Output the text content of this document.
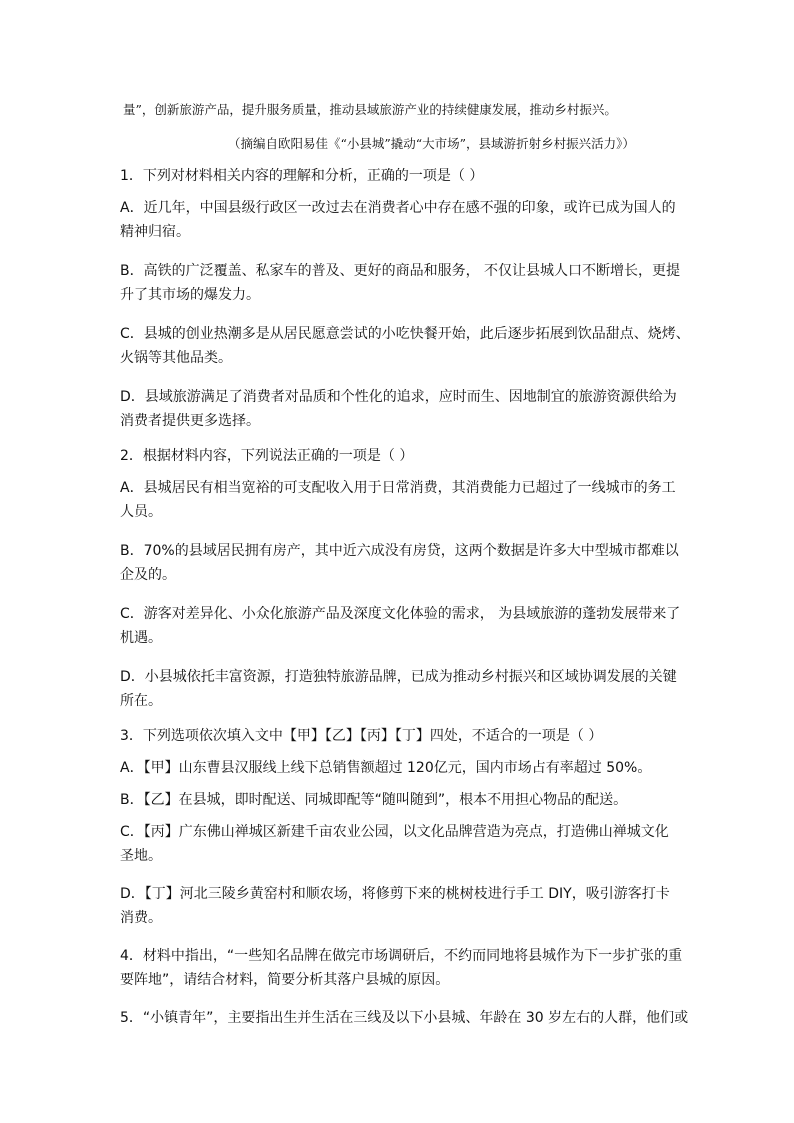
量”，创新旅游产品，提升服务质量，推动县域旅游产业的持续健康发展，推动乡村振兴。
（摘编自欧阳易佳《“小县城”撬动“大市场”，县域游折射乡村振兴活力》）
1．下列对材料相关内容的理解和分析，正确的一项是（ ）
A．近几年，中国县级行政区一改过去在消费者心中存在感不强的印象，或许已成为国人的
精神归宿。
B．高铁的广泛覆盖、私家车的普及、更好的商品和服务， 不仅让县城人口不断增长，更提
升了其市场的爆发力。
C．县城的创业热潮多是从居民愿意尝试的小吃快餐开始，此后逐步拓展到饮品甜点、烧烤、
火锅等其他品类。
D．县域旅游满足了消费者对品质和个性化的追求，应时而生、因地制宜的旅游资源供给为
消费者提供更多选择。
2．根据材料内容，下列说法正确的一项是（ ）
A．县城居民有相当宽裕的可支配收入用于日常消费，其消费能力已超过了一线城市的务工
人员。
B．70%的县域居民拥有房产，其中近六成没有房贷，这两个数据是许多大中型城市都难以
企及的。
C．游客对差异化、小众化旅游产品及深度文化体验的需求， 为县域旅游的蓬勃发展带来了
机遇。
D．小县城依托丰富资源，打造独特旅游品牌，已成为推动乡村振兴和区域协调发展的关键
所在。
3．下列选项依次填入文中【甲】【乙】【丙】【丁】四处，不适合的一项是（ ）
A．【甲】山东曹县汉服线上线下总销售额超过 120亿元，国内市场占有率超过 50%。
B．【乙】在县城，即时配送、同城即配等“随叫随到”，根本不用担心物品的配送。
C．【丙】广东佛山禅城区新建千亩农业公园，以文化品牌营造为亮点，打造佛山禅城文化
圣地。
D．【丁】河北三陵乡黄窑村和顺农场，将修剪下来的桃树枝进行手工 DIY，吸引游客打卡
消费。
4．材料中指出，“一些知名品牌在做完市场调研后，不约而同地将县城作为下一步扩张的重
要阵地”，请结合材料，简要分析其落户县城的原因。
5．“小镇青年”，主要指出生并生活在三线及以下小县城、年龄在 30 岁左右的人群，他们或
